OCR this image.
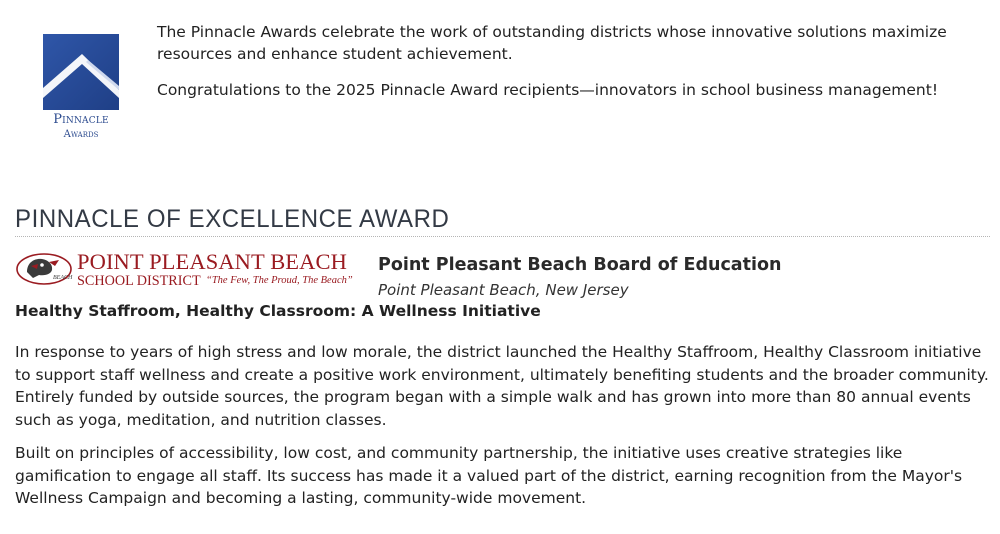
Pinnacle
Awards

The Pinnacle Awards celebrate the work of outstanding districts whose innovative solutions maximize resources and enhance student achievement.

Congratulations to the 2025 Pinnacle Award recipients—innovators in school business management!

PINNACLE OF EXCELLENCE AWARD
BEACH
POINT PLEASANT BEACH
SCHOOL DISTRICT “The Few, The Proud, The Beach”
Point Pleasant Beach Board of Education
Point Pleasant Beach, New Jersey
Healthy Staffroom, Healthy Classroom: A Wellness Initiative

In response to years of high stress and low morale, the district launched the Healthy Staffroom, Healthy Classroom initiative to support staff wellness and create a positive work environment, ultimately benefiting students and the broader community. Entirely funded by outside sources, the program began with a simple walk and has grown into more than 80 annual events such as yoga, meditation, and nutrition classes.

Built on principles of accessibility, low cost, and community partnership, the initiative uses creative strategies like gamification to engage all staff. Its success has made it a valued part of the district, earning recognition from the Mayor's Wellness Campaign and becoming a lasting, community-wide movement.
